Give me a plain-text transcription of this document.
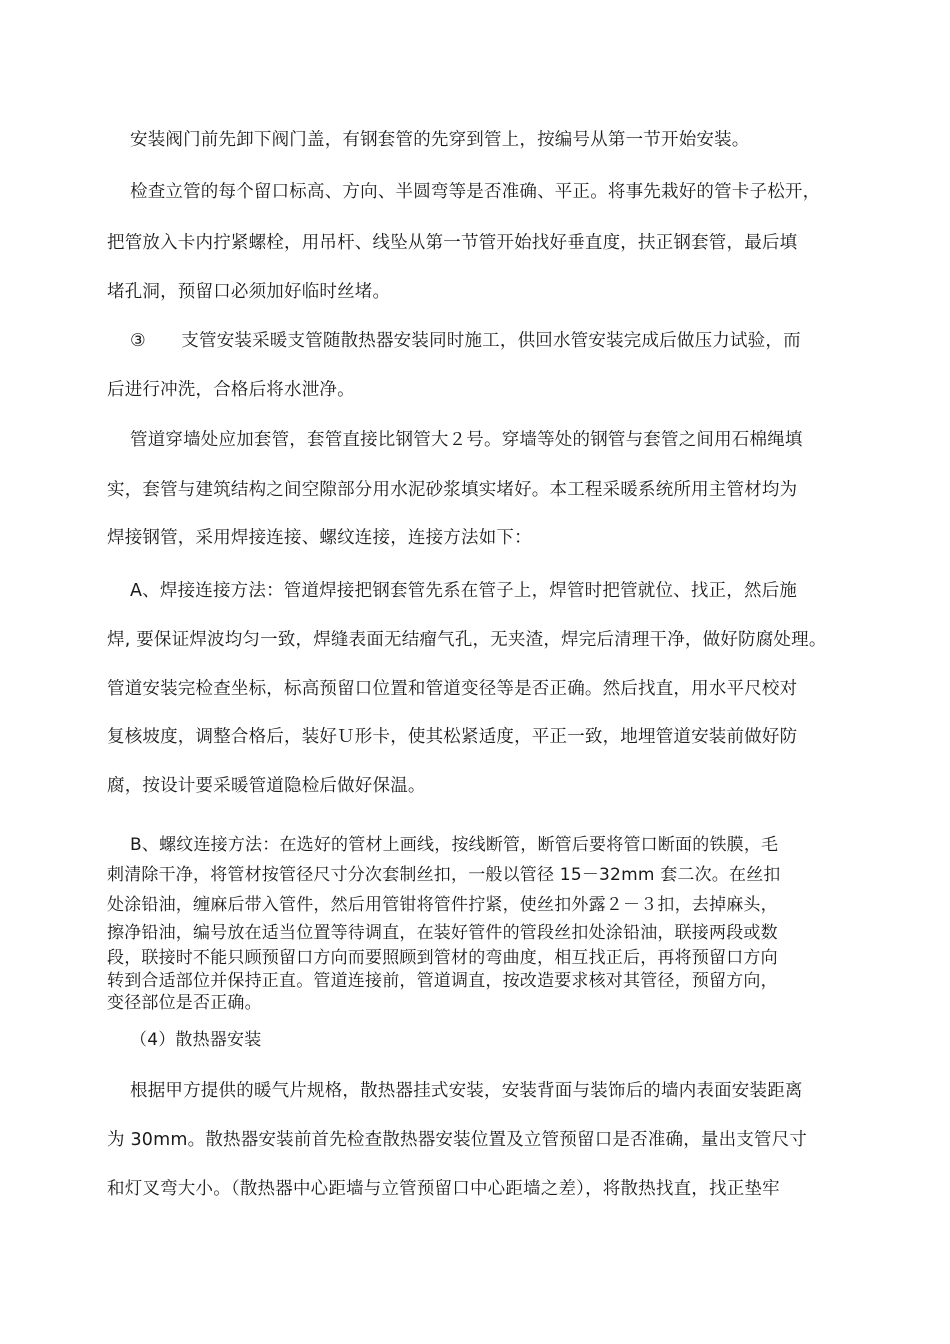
安装阀门前先卸下阀门盖，有钢套管的先穿到管上，按编号从第一节开始安装。
检查立管的每个留口标高、方向、半圆弯等是否准确、平正。将事先栽好的管卡子松开，
把管放入卡内拧紧螺栓，用吊杆、线坠从第一节管开始找好垂直度，扶正钢套管，最后填
堵孔洞，预留口必须加好临时丝堵。
③　　支管安装采暖支管随散热器安装同时施工，供回水管安装完成后做压力试验，而
后进行冲洗，合格后将水泄净。
管道穿墙处应加套管，套管直接比钢管大２号。穿墙等处的钢管与套管之间用石棉绳填
实，套管与建筑结构之间空隙部分用水泥砂浆填实堵好。本工程采暖系统所用主管材均为
焊接钢管，采用焊接连接、螺纹连接，连接方法如下：
A、焊接连接方法：管道焊接把钢套管先系在管子上，焊管时把管就位、找正，然后施
焊, 要保证焊波均匀一致，焊缝表面无结瘤气孔，无夹渣，焊完后清理干净，做好防腐处理。
管道安装完检查坐标，标高预留口位置和管道变径等是否正确。然后找直，用水平尺校对
复核坡度，调整合格后，装好Ｕ形卡，使其松紧适度，平正一致，地埋管道安装前做好防
腐，按设计要采暖管道隐检后做好保温。
B、螺纹连接方法：在选好的管材上画线，按线断管，断管后要将管口断面的铁膜，毛
刺清除干净，将管材按管径尺寸分次套制丝扣，一般以管径 15－32mm 套二次。在丝扣
处涂铅油，缠麻后带入管件，然后用管钳将管件拧紧，使丝扣外露２－３扣，去掉麻头，
擦净铅油，编号放在适当位置等待调直，在装好管件的管段丝扣处涂铅油，联接两段或数
段，联接时不能只顾预留口方向而要照顾到管材的弯曲度，相互找正后，再将预留口方向
转到合适部位并保持正直。管道连接前，管道调直，按改造要求核对其管径，预留方向，
变径部位是否正确。
（4）散热器安装
根据甲方提供的暖气片规格，散热器挂式安装，安装背面与装饰后的墙内表面安装距离
为 30mm。散热器安装前首先检查散热器安装位置及立管预留口是否准确，量出支管尺寸
和灯叉弯大小。（散热器中心距墙与立管预留口中心距墙之差），将散热找直，找正垫牢
